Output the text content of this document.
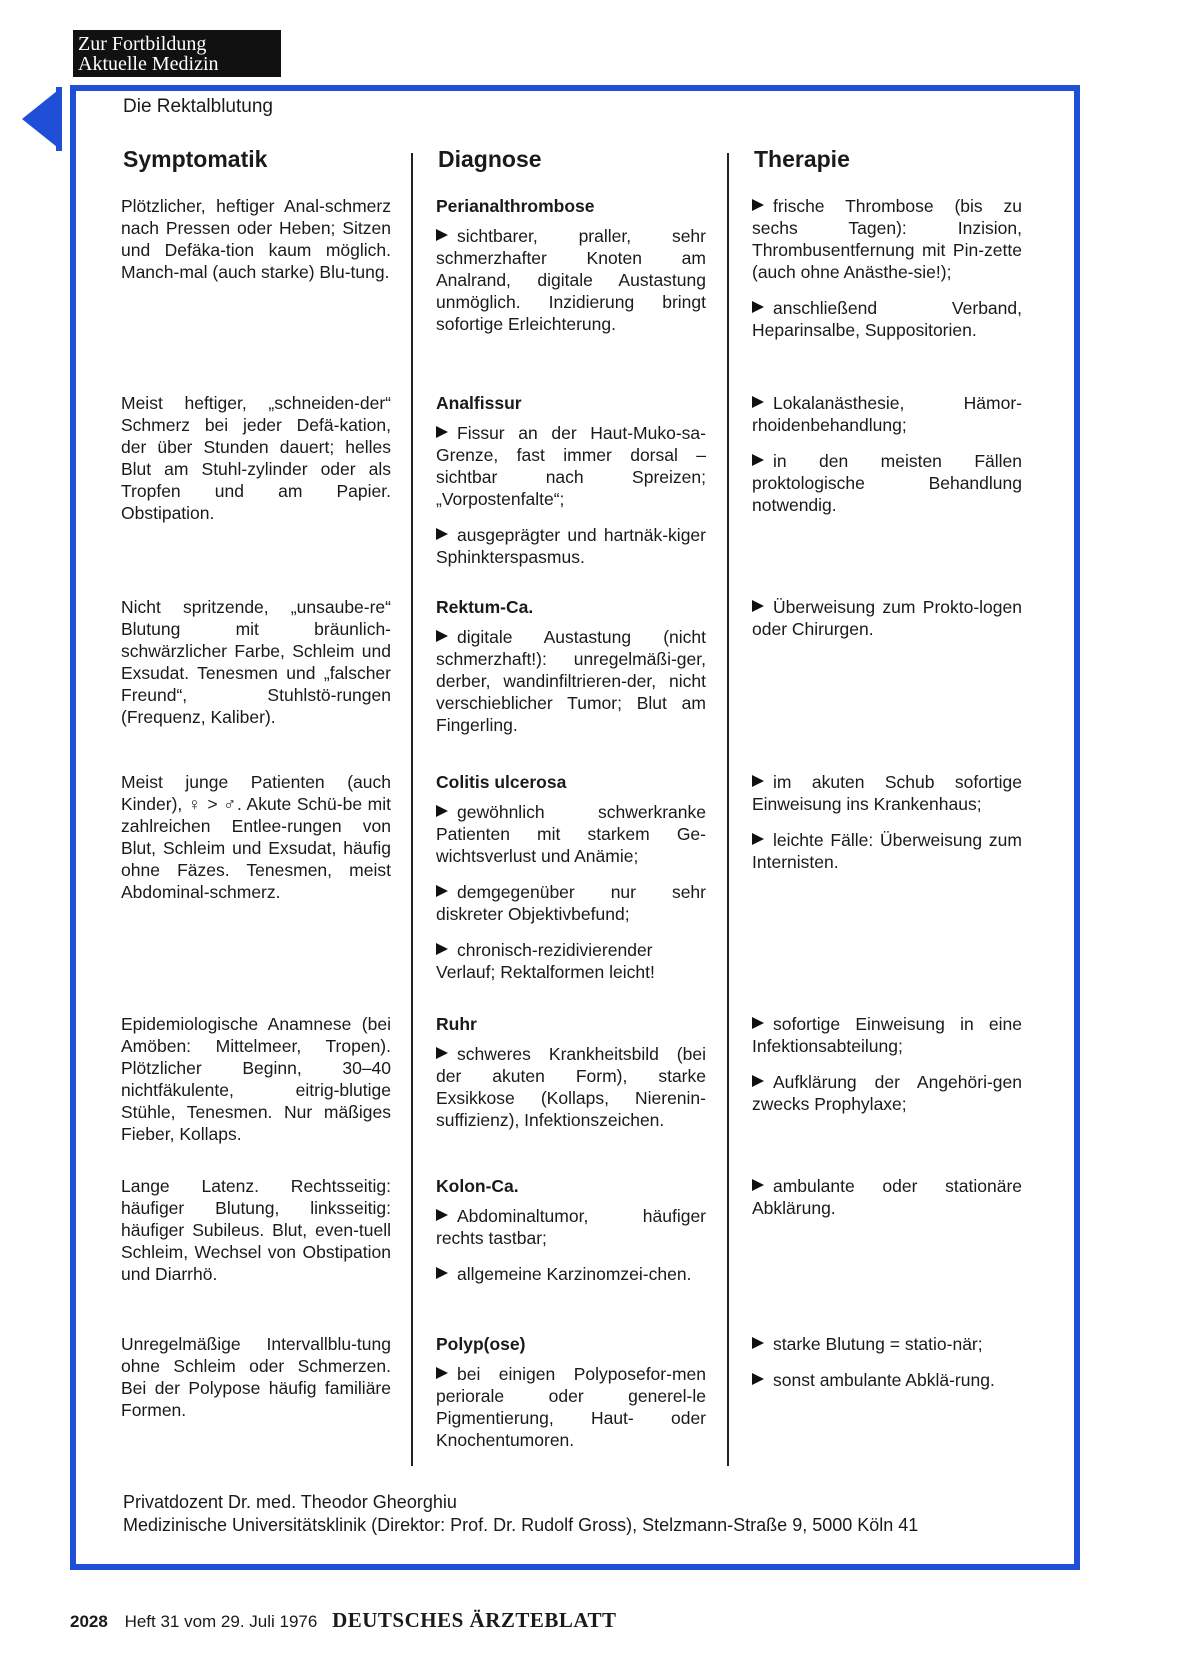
Zur Fortbildung
Aktuelle Medizin
Die Rektalblutung
Symptomatik	Diagnose	Therapie
Plötzlicher, heftiger Anal-schmerz nach Pressen oder Heben; Sitzen und Defäka-tion kaum möglich. Manch-mal (auch starke) Blu-tung.
Perianalthrombose

sichtbarer, praller, sehr schmerzhafter Knoten am Analrand, digitale Austastung unmöglich. Inzidierung bringt sofortige Erleichterung.

frische Thrombose (bis zu sechs Tagen): Inzision, Thrombusentfernung mit Pin-zette (auch ohne Anästhe-sie!);

anschließend Verband, Heparinsalbe, Suppositorien.

Meist heftiger, „schneiden-der“ Schmerz bei jeder Defä-kation, der über Stunden dauert; helles Blut am Stuhl-zylinder oder als Tropfen und am Papier. Obstipation.
Analfissur

Fissur an der Haut-Muko-sa-Grenze, fast immer dorsal – sichtbar nach Spreizen; „Vorpostenfalte“;

ausgeprägter und hartnäk-kiger Sphinkterspasmus.

Lokalanästhesie, Hämor-rhoidenbehandlung;

in den meisten Fällen proktologische Behandlung notwendig.

Nicht spritzende, „unsaube-re“ Blutung mit bräunlich-schwärzlicher Farbe, Schleim und Exsudat. Tenesmen und „falscher Freund“, Stuhlstö-rungen (Frequenz, Kaliber).
Rektum-Ca.

digitale Austastung (nicht schmerzhaft!): unregelmäßi-ger, derber, wandinfiltrieren-der, nicht verschieblicher Tumor; Blut am Fingerling.

Überweisung zum Prokto-logen oder Chirurgen.

Meist junge Patienten (auch Kinder), ♀ > ♂. Akute Schü-be mit zahlreichen Entlee-rungen von Blut, Schleim und Exsudat, häufig ohne Fäzes. Tenesmen, meist Abdominal-schmerz.
Colitis ulcerosa

gewöhnlich schwerkranke Patienten mit starkem Ge-wichtsverlust und Anämie;

demgegenüber nur sehr diskreter Objektivbefund;

chronisch-rezidivierender Verlauf; Rektalformen leicht!

im akuten Schub sofortige Einweisung ins Krankenhaus;

leichte Fälle: Überweisung zum Internisten.

Epidemiologische Anamnese (bei Amöben: Mittelmeer, Tropen). Plötzlicher Beginn, 30–40 nichtfäkulente, eitrig-blutige Stühle, Tenesmen. Nur mäßiges Fieber, Kollaps.
Ruhr

schweres Krankheitsbild (bei der akuten Form), starke Exsikkose (Kollaps, Nierenin-suffizienz), Infektionszeichen.

sofortige Einweisung in eine Infektionsabteilung;

Aufklärung der Angehöri-gen zwecks Prophylaxe;

Lange Latenz. Rechtsseitig: häufiger Blutung, linksseitig: häufiger Subileus. Blut, even-tuell Schleim, Wechsel von Obstipation und Diarrhö.
Kolon-Ca.

Abdominaltumor, häufiger rechts tastbar;

allgemeine Karzinomzei-chen.

ambulante oder stationäre Abklärung.

Unregelmäßige Intervallblu-tung ohne Schleim oder Schmerzen. Bei der Polypose häufig familiäre Formen.
Polyp(ose)

bei einigen Polyposefor-men periorale oder generel-le Pigmentierung, Haut- oder Knochentumoren.

starke Blutung = statio-när;

sonst ambulante Abklä-rung.

Privatdozent Dr. med. Theodor Gheorghiu
Medizinische Universitätsklinik (Direktor: Prof. Dr. Rudolf Gross), Stelzmann-Straße 9, 5000 Köln 41
2028 Heft 31 vom 29. Juli 1976 DEUTSCHES ÄRZTEBLATT
